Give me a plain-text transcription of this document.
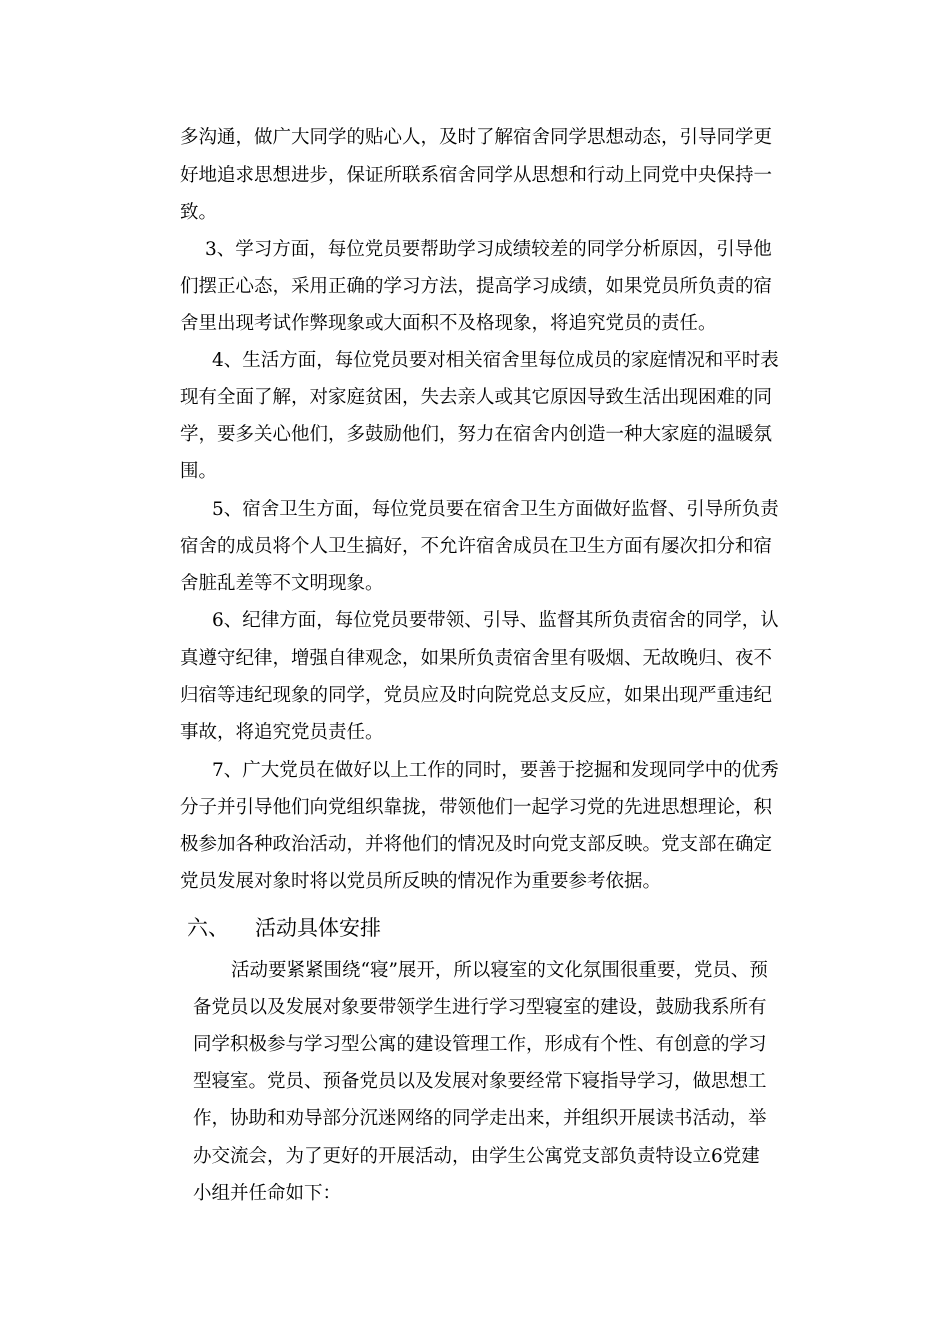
多沟通，做广大同学的贴心人，及时了解宿舍同学思想动态，引导同学更
好地追求思想进步，保证所联系宿舍同学从思想和行动上同党中央保持一
致。
3、学习方面，每位党员要帮助学习成绩较差的同学分析原因，引导他
们摆正心态，采用正确的学习方法，提高学习成绩，如果党员所负责的宿
舍里出现考试作弊现象或大面积不及格现象，将追究党员的责任。
4、生活方面，每位党员要对相关宿舍里每位成员的家庭情况和平时表
现有全面了解，对家庭贫困，失去亲人或其它原因导致生活出现困难的同
学，要多关心他们，多鼓励他们，努力在宿舍内创造一种大家庭的温暖氛
围。
5、宿舍卫生方面，每位党员要在宿舍卫生方面做好监督、引导所负责
宿舍的成员将个人卫生搞好，不允许宿舍成员在卫生方面有屡次扣分和宿
舍脏乱差等不文明现象。
6、纪律方面，每位党员要带领、引导、监督其所负责宿舍的同学，认
真遵守纪律，增强自律观念，如果所负责宿舍里有吸烟、无故晚归、夜不
归宿等违纪现象的同学，党员应及时向院党总支反应，如果出现严重违纪
事故，将追究党员责任。
7、广大党员在做好以上工作的同时，要善于挖掘和发现同学中的优秀
分子并引导他们向党组织靠拢，带领他们一起学习党的先进思想理论，积
极参加各种政治活动，并将他们的情况及时向党支部反映。党支部在确定
党员发展对象时将以党员所反映的情况作为重要参考依据。
六、 活动具体安排
活动要紧紧围绕“寝”展开，所以寝室的文化氛围很重要，党员、预
备党员以及发展对象要带领学生进行学习型寝室的建设，鼓励我系所有
同学积极参与学习型公寓的建设管理工作，形成有个性、有创意的学习
型寝室。党员、预备党员以及发展对象要经常下寝指导学习，做思想工
作，协助和劝导部分沉迷网络的同学走出来，并组织开展读书活动，举
办交流会，为了更好的开展活动，由学生公寓党支部负责特设立6党建
小组并任命如下：
